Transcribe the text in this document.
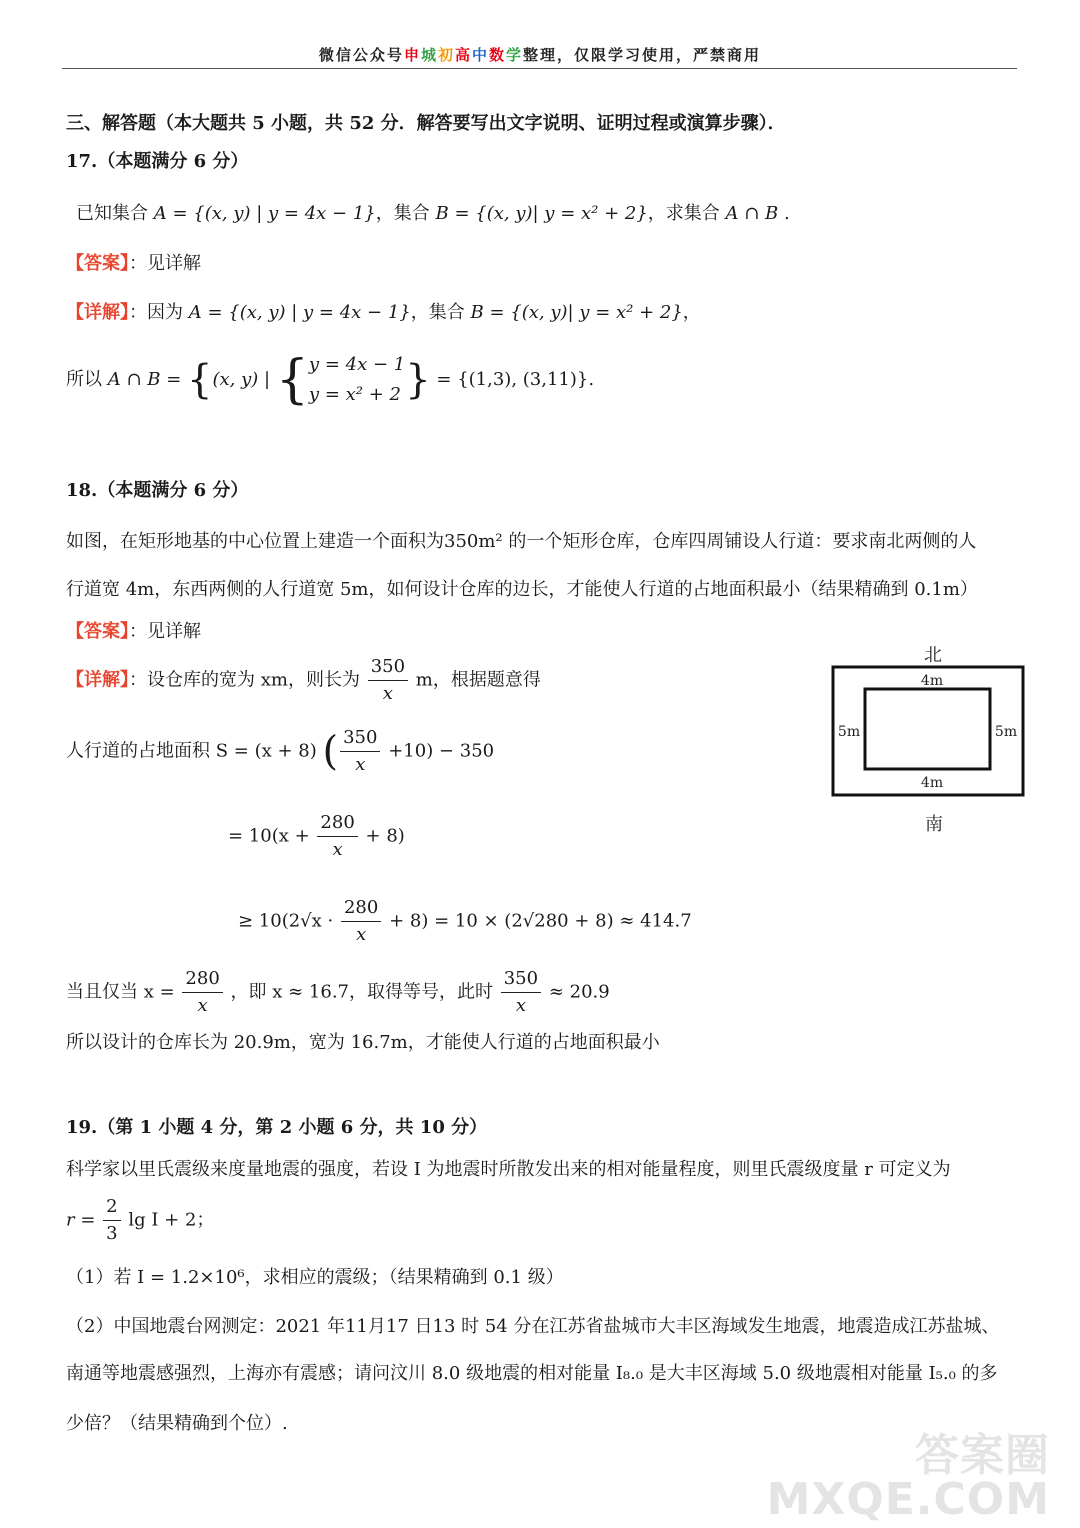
微信公众号申城初高中数学整理，仅限学习使用，严禁商用
三、解答题（本大题共 5 小题，共 52 分．解答要写出文字说明、证明过程或演算步骤）．
17.（本题满分 6 分）
已知集合 A = {(x, y) | y = 4x − 1}，集合 B = {(x, y)| y = x² + 2}，求集合 A ∩ B .
【答案】：见详解
【详解】：因为 A = {(x, y) | y = 4x − 1}，集合 B = {(x, y)| y = x² + 2}，
所以 A ∩ B = {(x, y) | { y = 4x − 1
y = x² + 2 } = {(1,3), (3,11)}.
18.（本题满分 6 分）
如图，在矩形地基的中心位置上建造一个面积为350m² 的一个矩形仓库，仓库四周铺设人行道：要求南北两侧的人
行道宽 4m，东西两侧的人行道宽 5m，如何设计仓库的边长，才能使人行道的占地面积最小（结果精确到 0.1m）
【答案】：见详解
【详解】：设仓库的宽为 xm，则长为 $\frac{350}{x}$ m，根据题意得
人行道的占地面积 S = (x + 8) ( $\frac{350}{x} +10) - 350$
= $10(x + \frac{280}{x} + 8)$
≥ $10(2√x \cdot \frac{280}{x} + 8) = 10 \times (2√280 + 8) \approx 414.7$
当且仅当 $x = \frac{280}{x}$ ，即 x ≈ 16.7，取得等号，此时 $\frac{350}{x} \approx 20.9$
所以设计的仓库长为 20.9m，宽为 16.7m，才能使人行道的占地面积最小
北
4m
4m
5m	5m
南
19.（第 1 小题 4 分，第 2 小题 6 分，共 10 分）
科学家以里氏震级来度量地震的强度，若设 I 为地震时所散发出来的相对能量程度，则里氏震级度量 r 可定义为
$r = \frac{2}{3}$ lg I + 2；
（1）若 I = 1.2×10⁶，求相应的震级；（结果精确到 0.1 级）
（2）中国地震台网测定：2021 年11月17 日13 时 54 分在江苏省盐城市大丰区海域发生地震，地震造成江苏盐城、
南通等地震感强烈，上海亦有震感；请问汶川 8.0 级地震的相对能量 I₈.₀ 是大丰区海域 5.0 级地震相对能量 I₅.₀ 的多
少倍？（结果精确到个位）.
答案圈
MXQE.COM
